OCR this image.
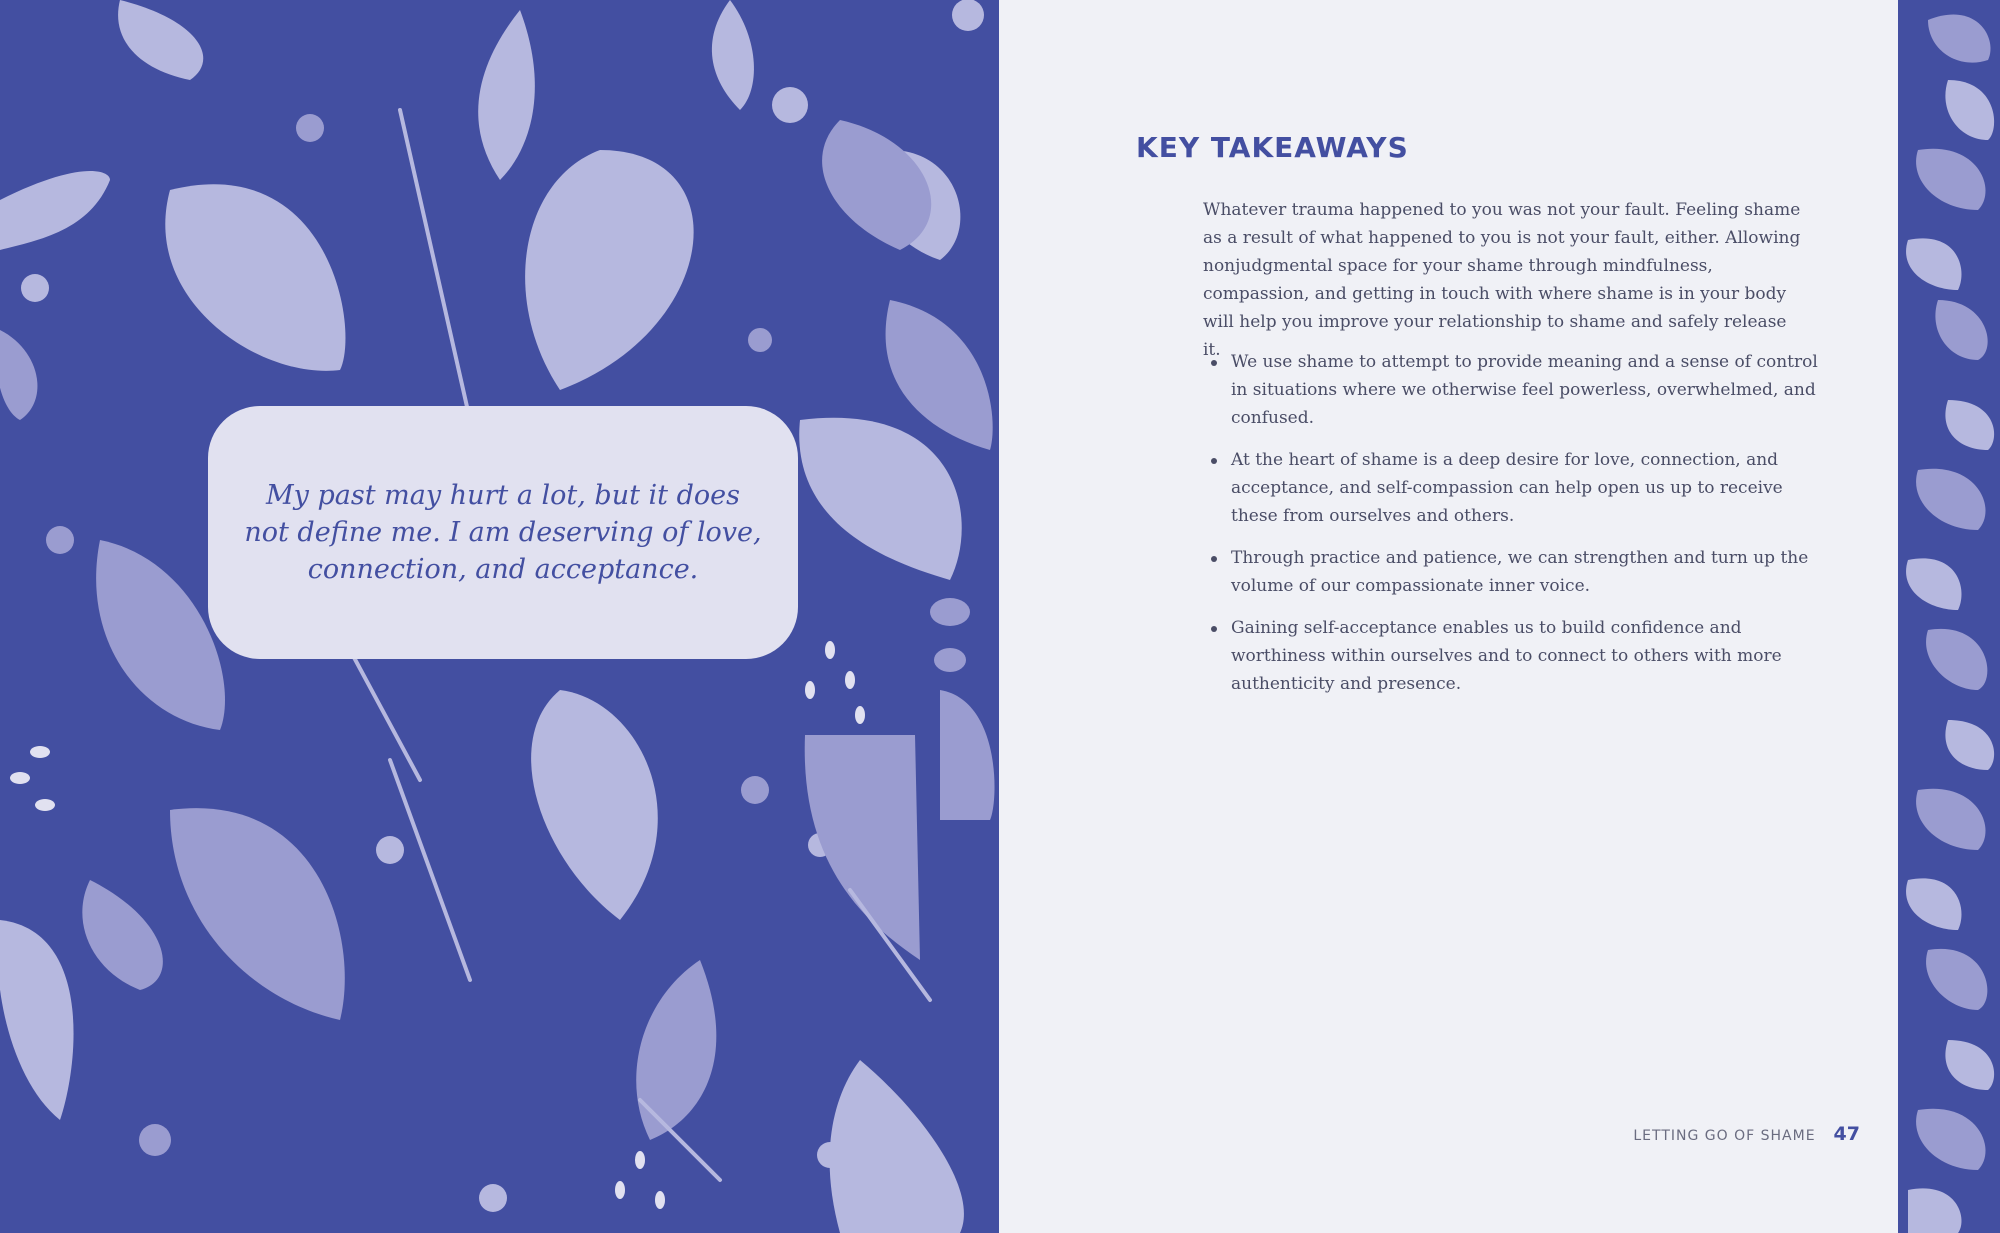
My past may hurt a lot, but it does not define me. I am deserving of love, connection, and acceptance.

KEY TAKEAWAYS

Whatever trauma happened to you was not your fault. Feeling shame as a result of what happened to you is not your fault, either. Allowing nonjudgmental space for your shame through mindfulness, compassion, and getting in touch with where shame is in your body will help you improve your relationship to shame and safely release it.

We use shame to attempt to provide meaning and a sense of control in situations where we otherwise feel powerless, overwhelmed, and confused.
At the heart of shame is a deep desire for love, connection, and acceptance, and self-compassion can help open us up to receive these from ourselves and others.
Through practice and patience, we can strengthen and turn up the volume of our compassionate inner voice.
Gaining self-acceptance enables us to build confidence and worthiness within ourselves and to connect to others with more authenticity and presence.
LETTING GO OF SHAME 47
